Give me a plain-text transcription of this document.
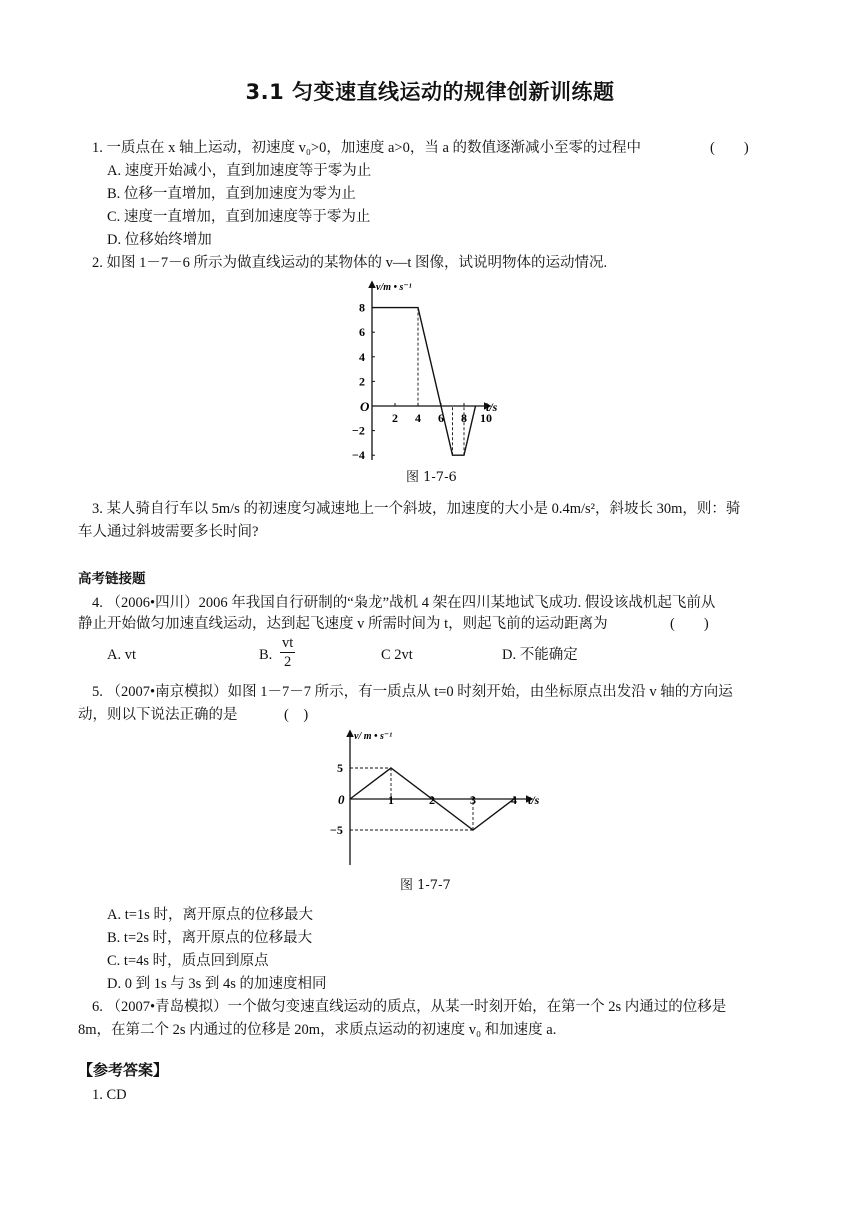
3.1 匀变速直线运动的规律创新训练题
1. 一质点在 x 轴上运动，初速度 v₀>0，加速度 a>0，当 a 的数值逐渐减小至零的过程中	(　　)
A. 速度开始减小，直到加速度等于零为止
B. 位移一直增加，直到加速度为零为止
C. 速度一直增加，直到加速度等于零为止
D. 位移始终增加
2. 如图 1－7－6 所示为做直线运动的某物体的 v—t 图像，试说明物体的运动情况.
v/m • s⁻¹
t/s
O
2 4 6 8 10
8
6
4
2
−2
−4
图 1-7-6
3. 某人骑自行车以 5m/s 的初速度匀减速地上一个斜坡，加速度的大小是 0.4m/s²，斜坡长 30m，则：骑
车人通过斜坡需要多长时间?
高考链接题
4. （2006•四川）2006 年我国自行研制的“枭龙”战机 4 架在四川某地试飞成功. 假设该战机起飞前从
静止开始做匀加速直线运动，达到起飞速度 v 所需时间为 t，则起飞前的运动距离为	(　　)
A. vt	B. $\frac{vt}{2}$	C 2vt	D. 不能确定
5. （2007•南京模拟）如图 1－7－7 所示，有一质点从 t=0 时刻开始，由坐标原点出发沿 v 轴的方向运
动，则以下说法正确的是	(　)
v/ m • s⁻¹
t/s
0	1	2	3	4
5
−5
图 1-7-7
A. t=1s 时，离开原点的位移最大
B. t=2s 时，离开原点的位移最大
C. t=4s 时，质点回到原点
D. 0 到 1s 与 3s 到 4s 的加速度相同
6. （2007•青岛模拟）一个做匀变速直线运动的质点，从某一时刻开始，在第一个 2s 内通过的位移是
8m，在第二个 2s 内通过的位移是 20m，求质点运动的初速度 v₀ 和加速度 a.
【参考答案】
1. CD
